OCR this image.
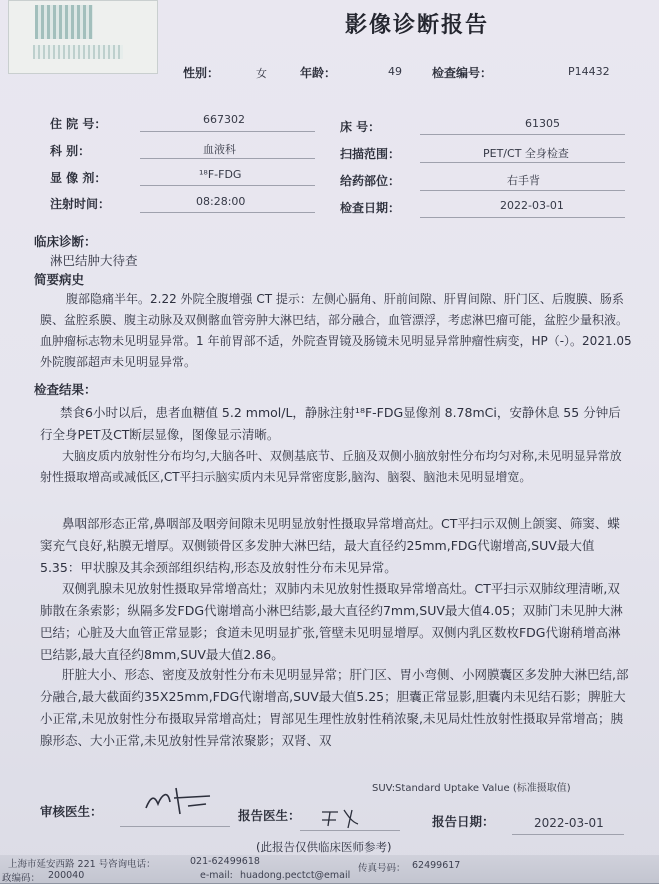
影像诊断报告
性别：	女	年龄：	49	检查编号：	P14432
住 院 号：	667302
床 号：	61305
科 别：	血液科	扫描范围：	PET/CT 全身检查
显 像 剂：	¹⁸F-FDG	给药部位：	右手背
注射时间：	08:28:00	检查日期：	2022-03-01
临床诊断：
淋巴结肿大待查
简要病史
腹部隐痛半年。2.22 外院全腹增强 CT 提示：左侧心膈角、肝前间隙、肝胃间隙、肝门区、后腹膜、肠系膜、盆腔系膜、腹主动脉及双侧髂血管旁肿大淋巴结，部分融合，血管漂浮，考虑淋巴瘤可能，盆腔少量积液。血肿瘤标志物未见明显异常。1 年前胃部不适，外院查胃镜及肠镜未见明显异常肿瘤性病变，HP（-）。2021.05 外院腹部超声未见明显异常。
检查结果：
禁食6小时以后，患者血糖值 5.2 mmol/L，静脉注射¹⁸F-FDG显像剂 8.78mCi，安静休息 55 分钟后行全身PET及CT断层显像，图像显示清晰。
大脑皮质内放射性分布均匀,大脑各叶、双侧基底节、丘脑及双侧小脑放射性分布均匀对称,未见明显异常放射性摄取增高或减低区,CT平扫示脑实质内未见异常密度影,脑沟、脑裂、脑池未见明显增宽。
鼻咽部形态正常,鼻咽部及咽旁间隙未见明显放射性摄取异常增高灶。CT平扫示双侧上颌窦、筛窦、蝶窦充气良好,粘膜无增厚。双侧锁骨区多发肿大淋巴结，最大直径约25mm,FDG代谢增高,SUV最大值5.35：甲状腺及其余颈部组织结构,形态及放射性分布未见异常。
双侧乳腺未见放射性摄取异常增高灶；双肺内未见放射性摄取异常增高灶。CT平扫示双肺纹理清晰,双肺散在条索影；纵隔多发FDG代谢增高小淋巴结影,最大直径约7mm,SUV最大值4.05；双肺门未见肿大淋巴结；心脏及大血管正常显影；食道未见明显扩张,管壁未见明显增厚。双侧内乳区数枚FDG代谢稍增高淋巴结影,最大直径约8mm,SUV最大值2.86。
肝脏大小、形态、密度及放射性分布未见明显异常；肝门区、胃小弯侧、小网膜囊区多发肿大淋巴结,部分融合,最大截面约35X25mm,FDG代谢增高,SUV最大值5.25；胆囊正常显影,胆囊内未见结石影；脾脏大小正常,未见放射性分布摄取异常增高灶；胃部见生理性放射性稍浓聚,未见局灶性放射性摄取异常增高；胰腺形态、大小正常,未见放射性异常浓聚影；双肾、双
SUV:Standard Uptake Value (标准摄取值)
审核医生：	报告医生：	报告日期：	2022-03-01
(此报告仅供临床医师参考)
上海市延安西路 221 号咨询电话：	021-62499618
传真号码： 62499617
政编码： 200040	e-mail: huadong.pectct@email
